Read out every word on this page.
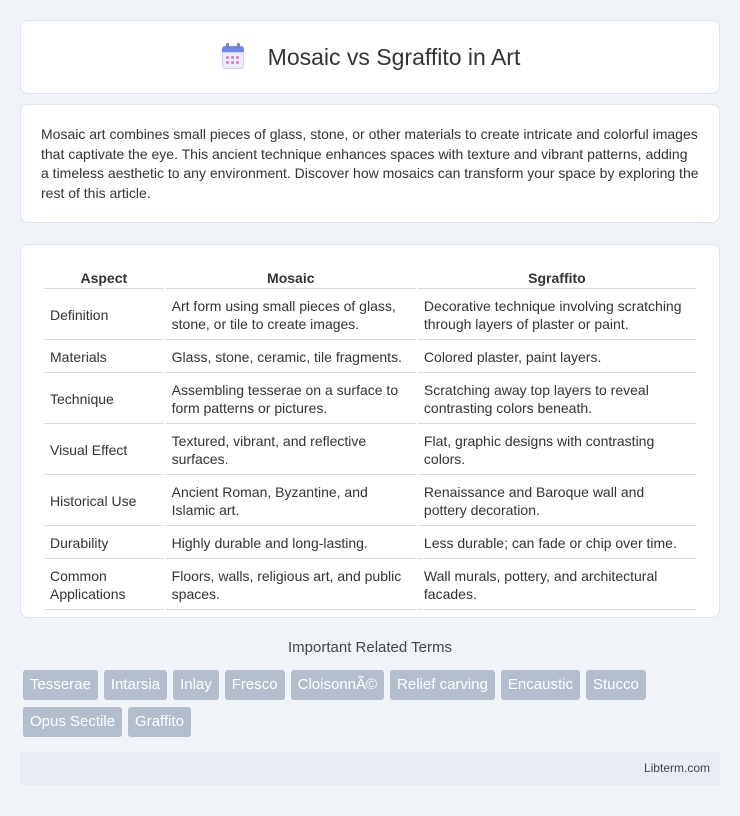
Mosaic vs Sgraffito in Art

Mosaic art combines small pieces of glass, stone, or other materials to create intricate and colorful images that captivate the eye. This ancient technique enhances spaces with texture and vibrant patterns, adding a timeless aesthetic to any environment. Discover how mosaics can transform your space by exploring the rest of this article.

Aspect	Mosaic	Sgraffito
Definition	Art form using small pieces of glass, stone, or tile to create images.	Decorative technique involving scratching through layers of plaster or paint.
Materials	Glass, stone, ceramic, tile fragments.	Colored plaster, paint layers.
Technique	Assembling tesserae on a surface to form patterns or pictures.	Scratching away top layers to reveal contrasting colors beneath.
Visual Effect	Textured, vibrant, and reflective surfaces.	Flat, graphic designs with contrasting colors.
Historical Use	Ancient Roman, Byzantine, and Islamic art.	Renaissance and Baroque wall and pottery decoration.
Durability	Highly durable and long-lasting.	Less durable; can fade or chip over time.
Common Applications	Floors, walls, religious art, and public spaces.	Wall murals, pottery, and architectural facades.
Important Related Terms
Tesserae	Intarsia	Inlay	Fresco	CloisonnÃ©	Relief carving	Encaustic	Stucco
Opus Sectile	Graffito
Libterm.com
